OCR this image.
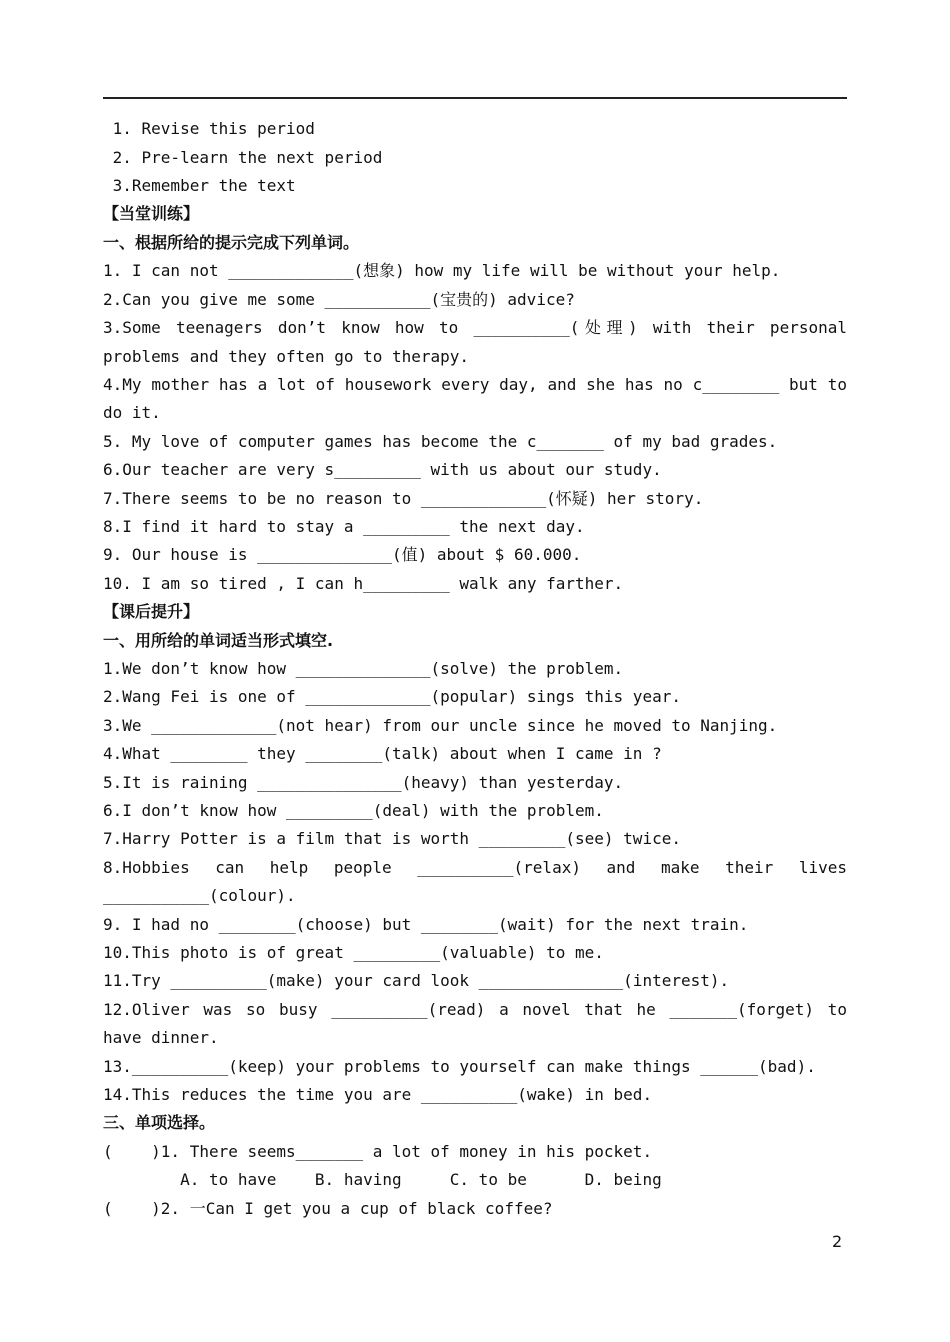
1. Revise this period
2. Pre-learn the next period
3.Remember the text
【当堂训练】
一、根据所给的提示完成下列单词。
1. I can not _____________(想象) how my life will be without your help.
2.Can you give me some ___________(宝贵的) advice?
3.Some teenagers don’t know how to __________(处理) with their personal
problems and they often go to therapy.
4.My mother has a lot of housework every day, and she has no c________ but to
do it.
5. My love of computer games has become the c_______ of my bad grades.
6.Our teacher are very s_________ with us about our study.
7.There seems to be no reason to _____________(怀疑) her story.
8.I find it hard to stay a _________ the next day.
9. Our house is ______________(值) about $ 60.000.
10. I am so tired , I can h_________ walk any farther.
【课后提升】
一、用所给的单词适当形式填空.
1.We don’t know how ______________(solve) the problem.
2.Wang Fei is one of _____________(popular) sings this year.
3.We _____________(not hear) from our uncle since he moved to Nanjing.
4.What ________ they ________(talk) about when I came in ?
5.It is raining _______________(heavy) than yesterday.
6.I don’t know how _________(deal) with the problem.
7.Harry Potter is a film that is worth _________(see) twice.
8.Hobbies can help people __________(relax) and make their lives
___________(colour).
9. I had no ________(choose) but ________(wait) for the next train.
10.This photo is of great _________(valuable) to me.
11.Try __________(make) your card look _______________(interest).
12.Oliver was so busy __________(read) a novel that he _______(forget) to
have dinner.
13.__________(keep) your problems to yourself can make things ______(bad).
14.This reduces the time you are __________(wake) in bed.
三、单项选择。
(    )1. There seems_______ a lot of money in his pocket.
A. to have    B. having     C. to be      D. being
(    )2. 一Can I get you a cup of black coffee?
2
